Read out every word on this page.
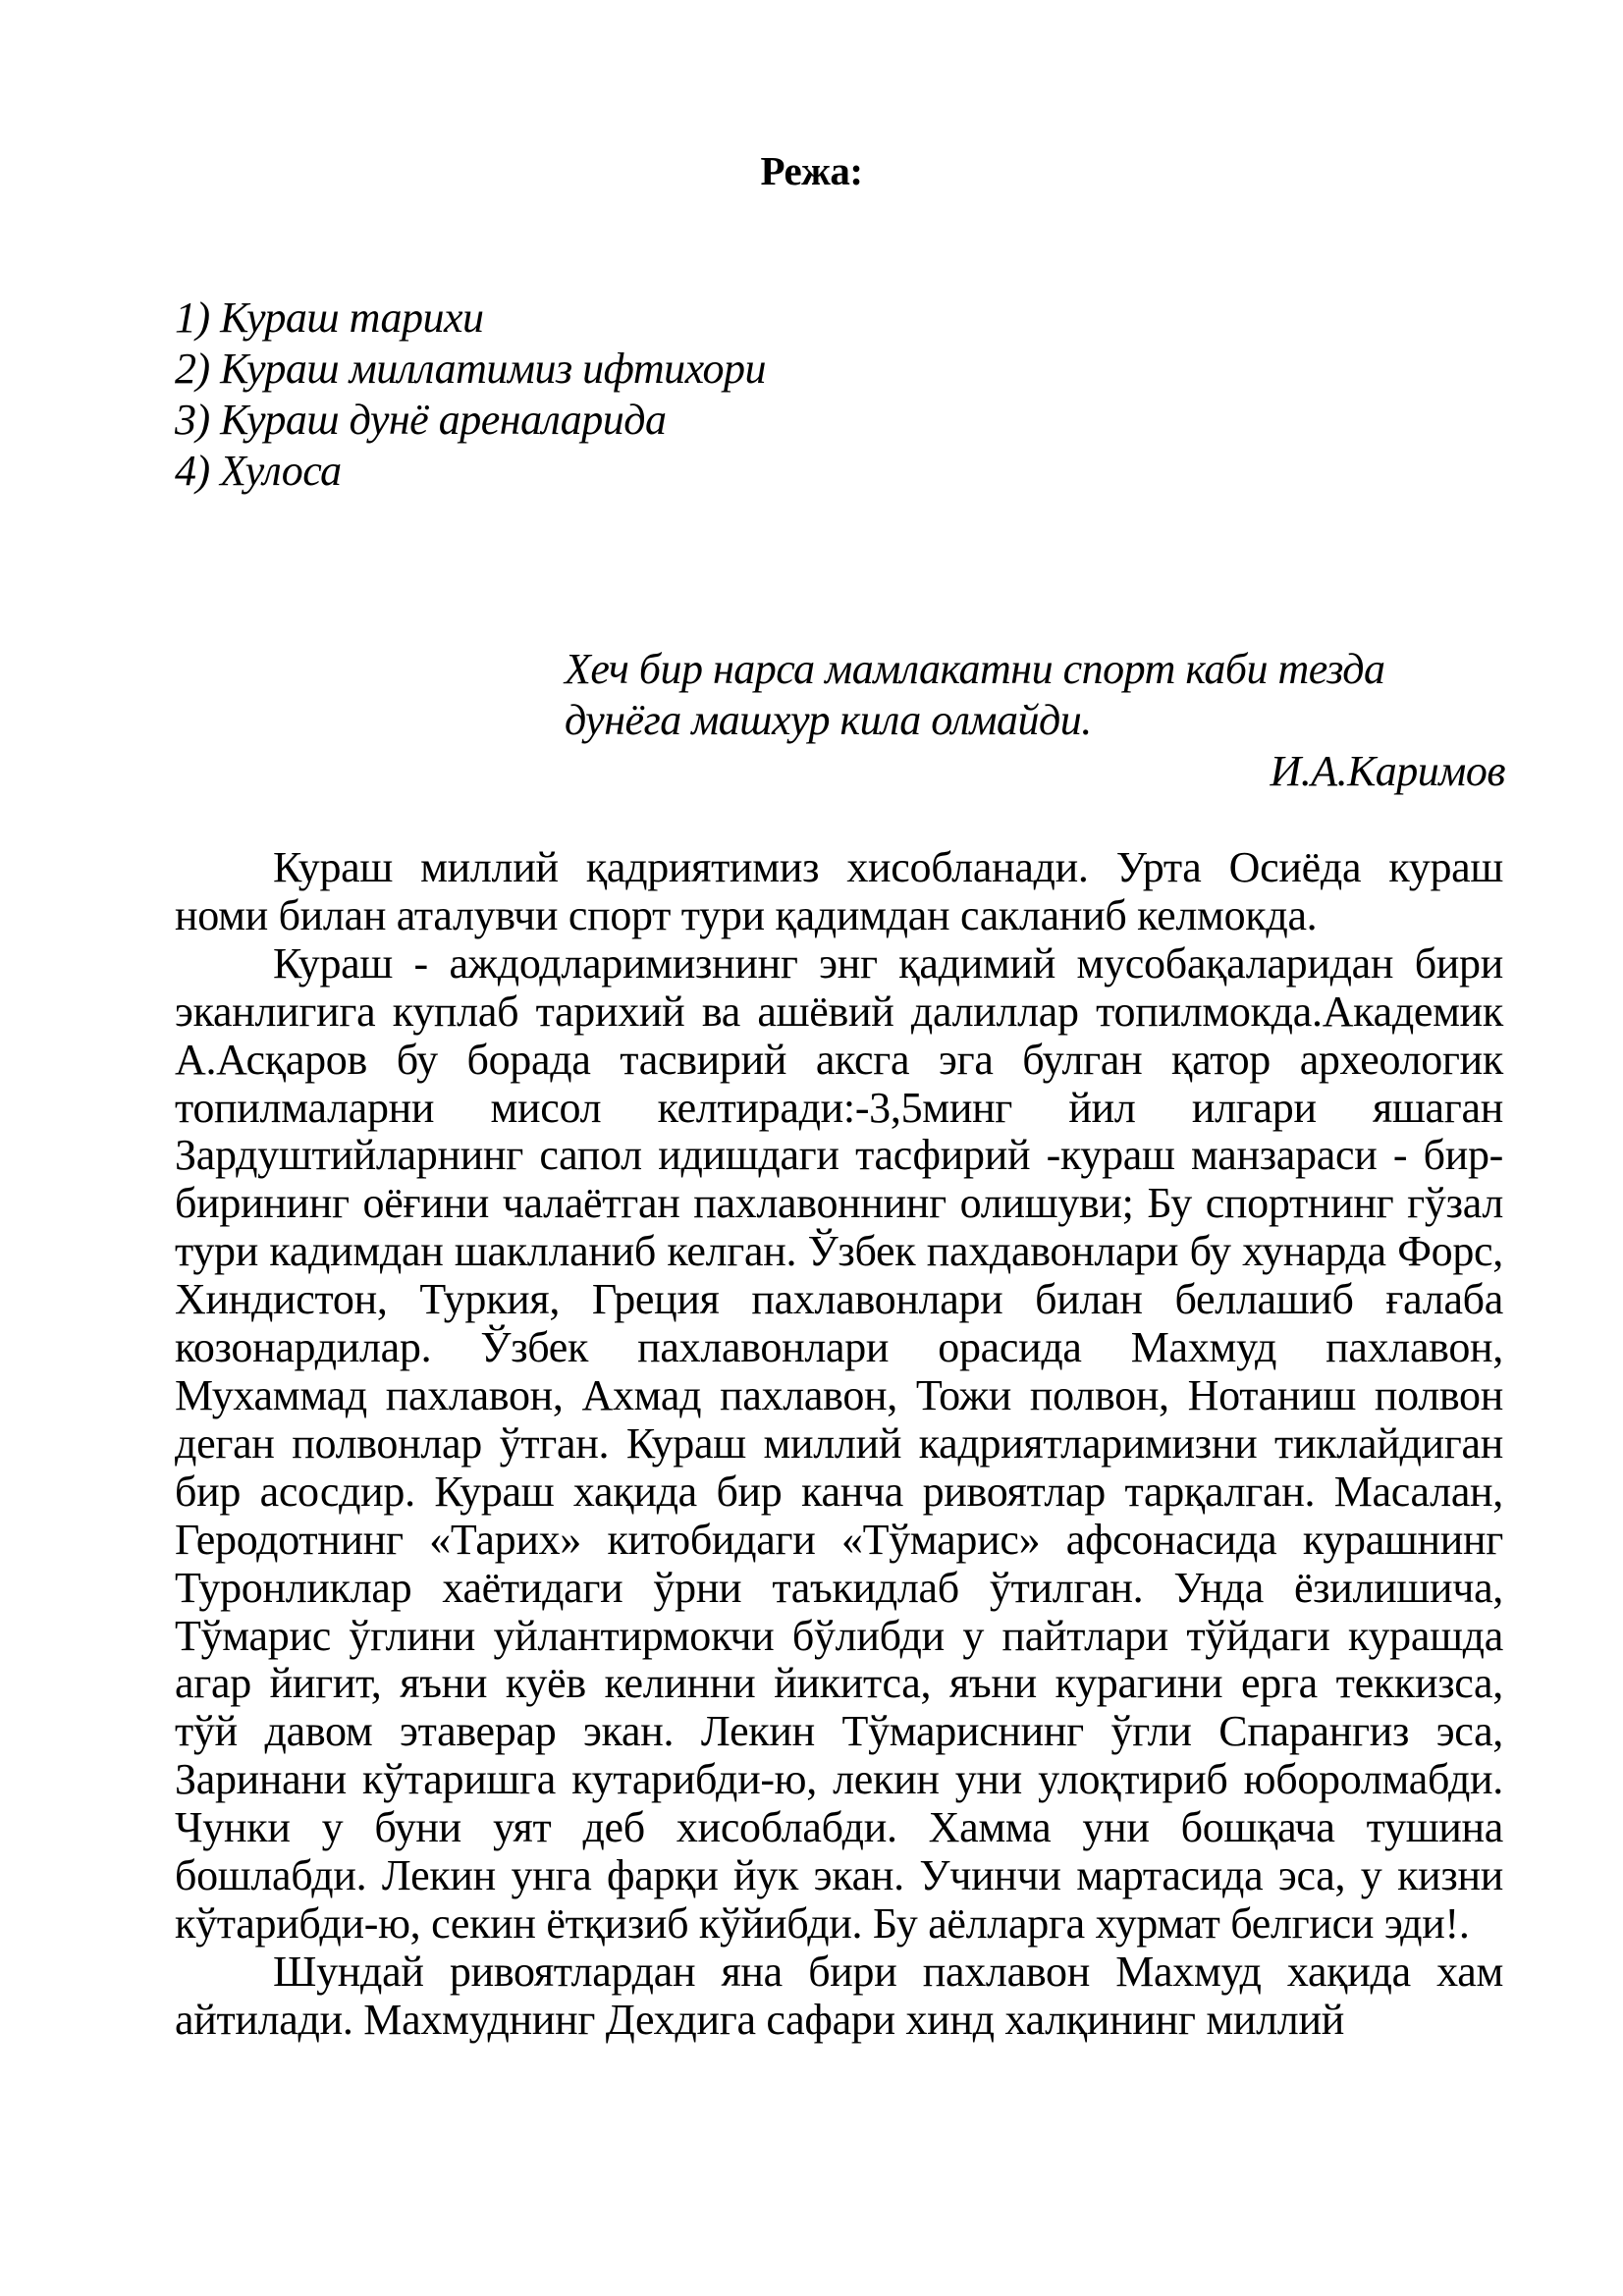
Режа:
1) Кураш тарихи
2) Кураш миллатимиз ифтихори
3) Кураш дунё ареналарида
4) Хулоса
Хеч бир нарса мамлакатни спорт каби тезда
дунёга машхур кила олмайди.
И.А.Каримов

Кураш миллий қадриятимиз хисобланади. Урта Осиёда кураш номи билан аталувчи спорт тури қадимдан сакланиб келмокда.

Кураш - аждодларимизнинг энг қадимий мусобақаларидан бири эканлигига куплаб тарихий ва ашёвий далиллар топилмокда.Академик А.Асқаров бу борада тасвирий аксга эга булган қатор археологик топилмаларни мисол келтиради:-3,5минг йил илгари яшаган Зардуштийларнинг сапол идишдаги тасфирий -кураш манзараси - бир-бирининг оёғини чалаётган пахлавоннинг олишуви; Бу спортнинг гўзал тури кадимдан шаклланиб келган. Ўзбек пахдавонлари бу хунарда Форс, Хиндистон, Туркия, Греция пахлавонлари билан беллашиб ғалаба козонардилар. Ўзбек пахлавонлари орасида Махмуд пахлавон, Мухаммад пахлавон, Ахмад пахлавон, Тожи полвон, Нотаниш полвон деган полвонлар ўтган. Кураш миллий кадриятларимизни тиклайдиган бир асосдир. Кураш хақида бир канча ривоятлар тарқалган. Масалан, Геродотнинг «Тарих» китобидаги «Тўмарис» афсонасида курашнинг Туронликлар хаётидаги ўрни таъкидлаб ўтилган. Унда ёзилишича, Тўмарис ўглини уйлантирмокчи бўлибди у пайтлари тўйдаги курашда агар йигит, яъни куёв келинни йикитса, яъни курагини ерга теккизса, тўй давом этаверар экан. Лекин Тўмариснинг ўгли Спарангиз эса, Заринани кўтаришга кутарибди-ю, лекин уни улоқтириб юборолмабди. Чунки у буни уят деб хисоблабди. Хамма уни бошқача тушина бошлабди. Лекин унга фарқи йук экан. Учинчи мартасида эса, у кизни кўтарибди-ю, секин ётқизиб кўйибди. Бу аёлларга хурмат белгиси эди!.

Шундай ривоятлардан яна бири пахлавон Махмуд хақида хам айтилади. Махмуднинг Дехдига сафари хинд халқининг миллий
